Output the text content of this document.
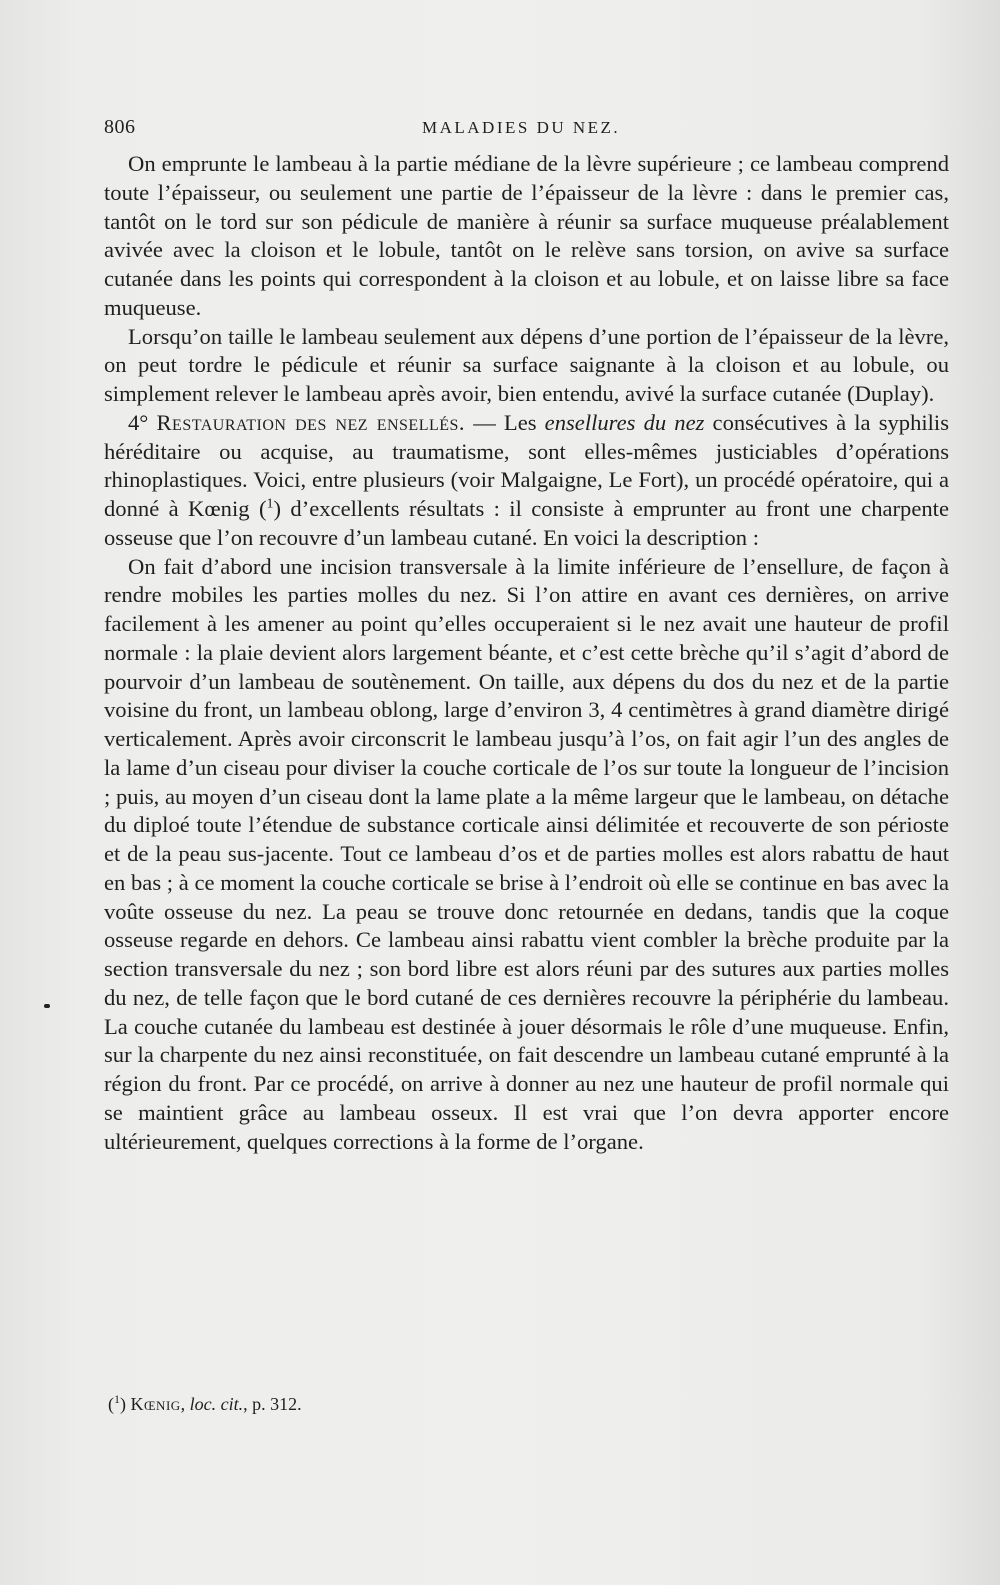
806	MALADIES DU NEZ.

On emprunte le lambeau à la partie médiane de la lèvre supérieure ; ce lambeau comprend toute l’épaisseur, ou seulement une partie de l’épaisseur de la lèvre : dans le premier cas, tantôt on le tord sur son pédicule de manière à réunir sa surface muqueuse préalablement avivée avec la cloison et le lobule, tantôt on le relève sans torsion, on avive sa surface cutanée dans les points qui correspondent à la cloison et au lobule, et on laisse libre sa face muqueuse.

Lorsqu’on taille le lambeau seulement aux dépens d’une portion de l’épaisseur de la lèvre, on peut tordre le pédicule et réunir sa surface saignante à la cloison et au lobule, ou simplement relever le lambeau après avoir, bien entendu, avivé la surface cutanée (Duplay).

4° Restauration des nez ensellés. — Les ensellures du nez consécutives à la syphilis héréditaire ou acquise, au traumatisme, sont elles-mêmes justiciables d’opérations rhinoplastiques. Voici, entre plusieurs (voir Malgaigne, Le Fort), un procédé opératoire, qui a donné à Kœnig ($^1$) d’excellents résultats : il consiste à emprunter au front une charpente osseuse que l’on recouvre d’un lambeau cutané. En voici la description :

On fait d’abord une incision transversale à la limite inférieure de l’ensellure, de façon à rendre mobiles les parties molles du nez. Si l’on attire en avant ces dernières, on arrive facilement à les amener au point qu’elles occuperaient si le nez avait une hauteur de profil normale : la plaie devient alors largement béante, et c’est cette brèche qu’il s’agit d’abord de pourvoir d’un lambeau de soutènement. On taille, aux dépens du dos du nez et de la partie voisine du front, un lambeau oblong, large d’environ 3, 4 centimètres à grand diamètre dirigé verticalement. Après avoir circonscrit le lambeau jusqu’à l’os, on fait agir l’un des angles de la lame d’un ciseau pour diviser la couche corticale de l’os sur toute la longueur de l’incision ; puis, au moyen d’un ciseau dont la lame plate a la même largeur que le lambeau, on détache du diploé toute l’étendue de substance corticale ainsi délimitée et recouverte de son périoste et de la peau sus-jacente. Tout ce lambeau d’os et de parties molles est alors rabattu de haut en bas ; à ce moment la couche corticale se brise à l’endroit où elle se continue en bas avec la voûte osseuse du nez. La peau se trouve donc retournée en dedans, tandis que la coque osseuse regarde en dehors. Ce lambeau ainsi rabattu vient combler la brèche produite par la section transversale du nez ; son bord libre est alors réuni par des sutures aux parties molles du nez, de telle façon que le bord cutané de ces dernières recouvre la périphérie du lambeau. La couche cutanée du lambeau est destinée à jouer désormais le rôle d’une muqueuse. Enfin, sur la charpente du nez ainsi reconstituée, on fait descendre un lambeau cutané emprunté à la région du front. Par ce procédé, on arrive à donner au nez une hauteur de profil normale qui se maintient grâce au lambeau osseux. Il est vrai que l’on devra apporter encore ultérieurement, quelques corrections à la forme de l’organe.

($^1$) Kœnig, loc. cit., p. 312.
